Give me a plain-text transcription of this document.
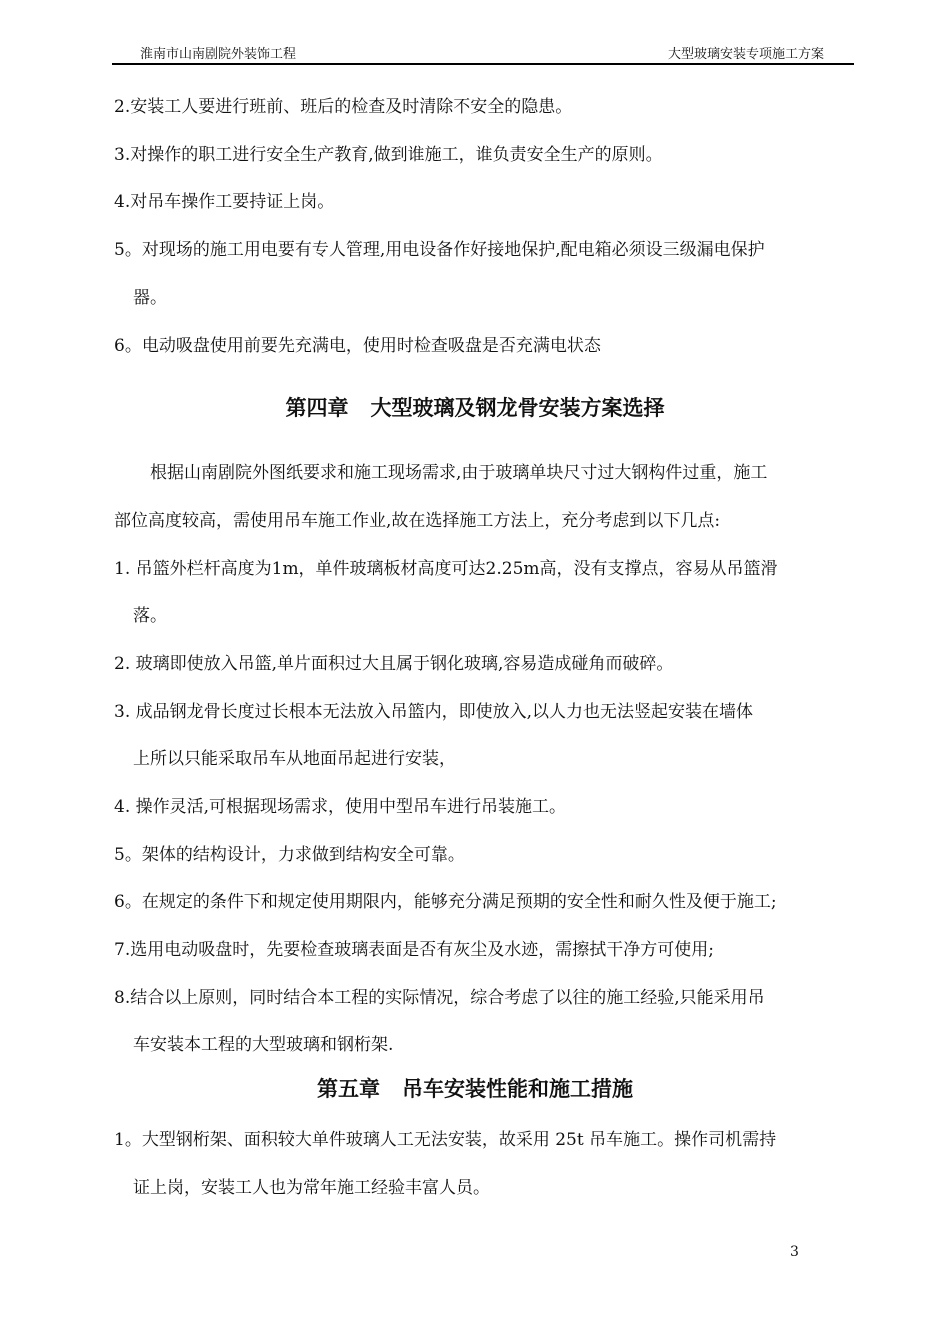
淮南市山南剧院外装饰工程	大型玻璃安装专项施工方案
2.安装工人要进行班前、班后的检查及时清除不安全的隐患。
3.对操作的职工进行安全生产教育,做到谁施工，谁负责安全生产的原则。
4.对吊车操作工要持证上岗。
5。对现场的施工用电要有专人管理,用电设备作好接地保护,配电箱必须设三级漏电保护
器。
6。电动吸盘使用前要先充满电，使用时检查吸盘是否充满电状态
第四章 大型玻璃及钢龙骨安装方案选择
根据山南剧院外图纸要求和施工现场需求,由于玻璃单块尺寸过大钢构件过重，施工
部位高度较高，需使用吊车施工作业,故在选择施工方法上，充分考虑到以下几点:
1. 吊篮外栏杆高度为1m，单件玻璃板材高度可达2.25m高，没有支撑点，容易从吊篮滑
落。
2. 玻璃即使放入吊篮,单片面积过大且属于钢化玻璃,容易造成碰角而破碎。
3. 成品钢龙骨长度过长根本无法放入吊篮内，即使放入,以人力也无法竖起安装在墙体
上所以只能采取吊车从地面吊起进行安装，
4. 操作灵活,可根据现场需求，使用中型吊车进行吊装施工。
5。架体的结构设计，力求做到结构安全可靠。
6。在规定的条件下和规定使用期限内，能够充分满足预期的安全性和耐久性及便于施工;
7.选用电动吸盘时，先要检查玻璃表面是否有灰尘及水迹，需擦拭干净方可使用;
8.结合以上原则，同时结合本工程的实际情况，综合考虑了以往的施工经验,只能采用吊
车安装本工程的大型玻璃和钢桁架.
第五章 吊车安装性能和施工措施
1。大型钢桁架、面积较大单件玻璃人工无法安装，故采用 25t 吊车施工。操作司机需持
证上岗，安装工人也为常年施工经验丰富人员。
3
